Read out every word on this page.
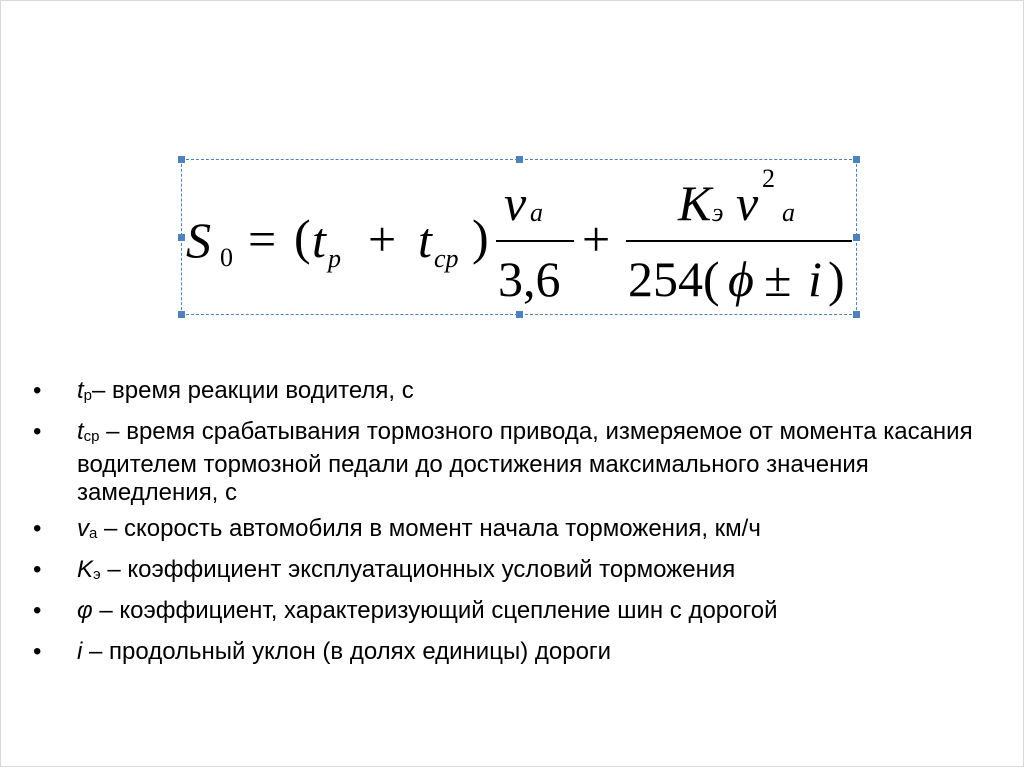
S 0 = ( t p + t cp )
v a
3,6
+
K э v 2
a
254( ϕ ± i )
• tр– время реакции водителя, с
• tср – время срабатывания тормозного привода, измеряемое от момента касания водителем тормозной педали до достижения максимального значения замедления, с
• vа – скорость автомобиля в момент начала торможения, км/ч
• Kэ – коэффициент эксплуатационных условий торможения
• φ – коэффициент, характеризующий сцепление шин с дорогой
• i – продольный уклон (в долях единицы) дороги
